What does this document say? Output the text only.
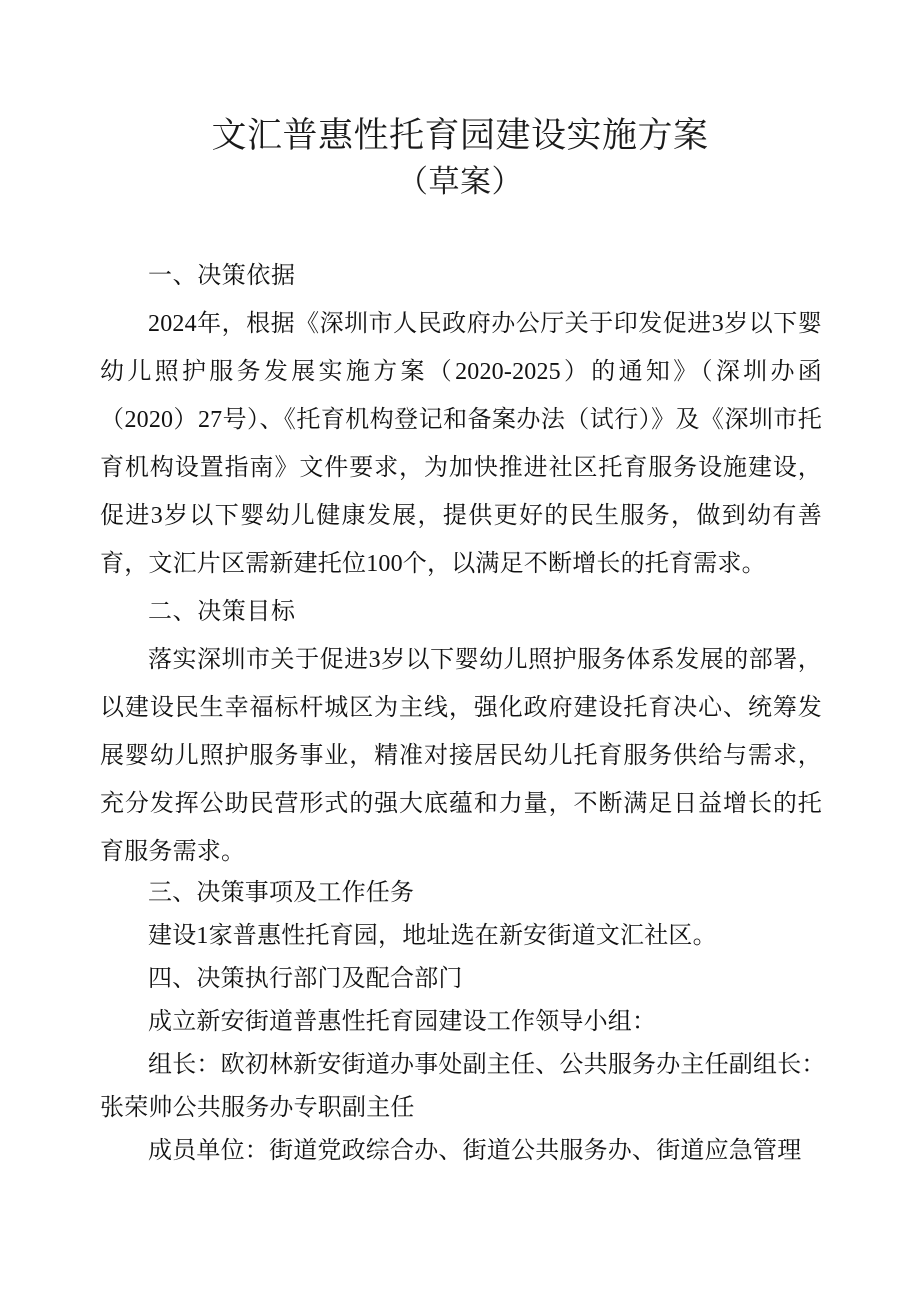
文汇普惠性托育园建设实施方案
（草案）
一、决策依据

2024年，根据《深圳市人民政府办公厅关于印发促进3岁以下婴幼儿照护服务发展实施方案（2020-2025）的通知》（深圳办函（2020）27号）、《托育机构登记和备案办法（试行）》及《深圳市托育机构设置指南》文件要求，为加快推进社区托育服务设施建设，促进3岁以下婴幼儿健康发展，提供更好的民生服务，做到幼有善育，文汇片区需新建托位100个，以满足不断增长的托育需求。

二、决策目标

落实深圳市关于促进3岁以下婴幼儿照护服务体系发展的部署，以建设民生幸福标杆城区为主线，强化政府建设托育决心、统筹发展婴幼儿照护服务事业，精准对接居民幼儿托育服务供给与需求，充分发挥公助民营形式的强大底蕴和力量，不断满足日益增长的托育服务需求。

三、决策事项及工作任务
建设1家普惠性托育园，地址选在新安街道文汇社区。
四、决策执行部门及配合部门
成立新安街道普惠性托育园建设工作领导小组：
组长：欧初林新安街道办事处副主任、公共服务办主任副组长：
张荣帅公共服务办专职副主任
成员单位：街道党政综合办、街道公共服务办、街道应急管理
